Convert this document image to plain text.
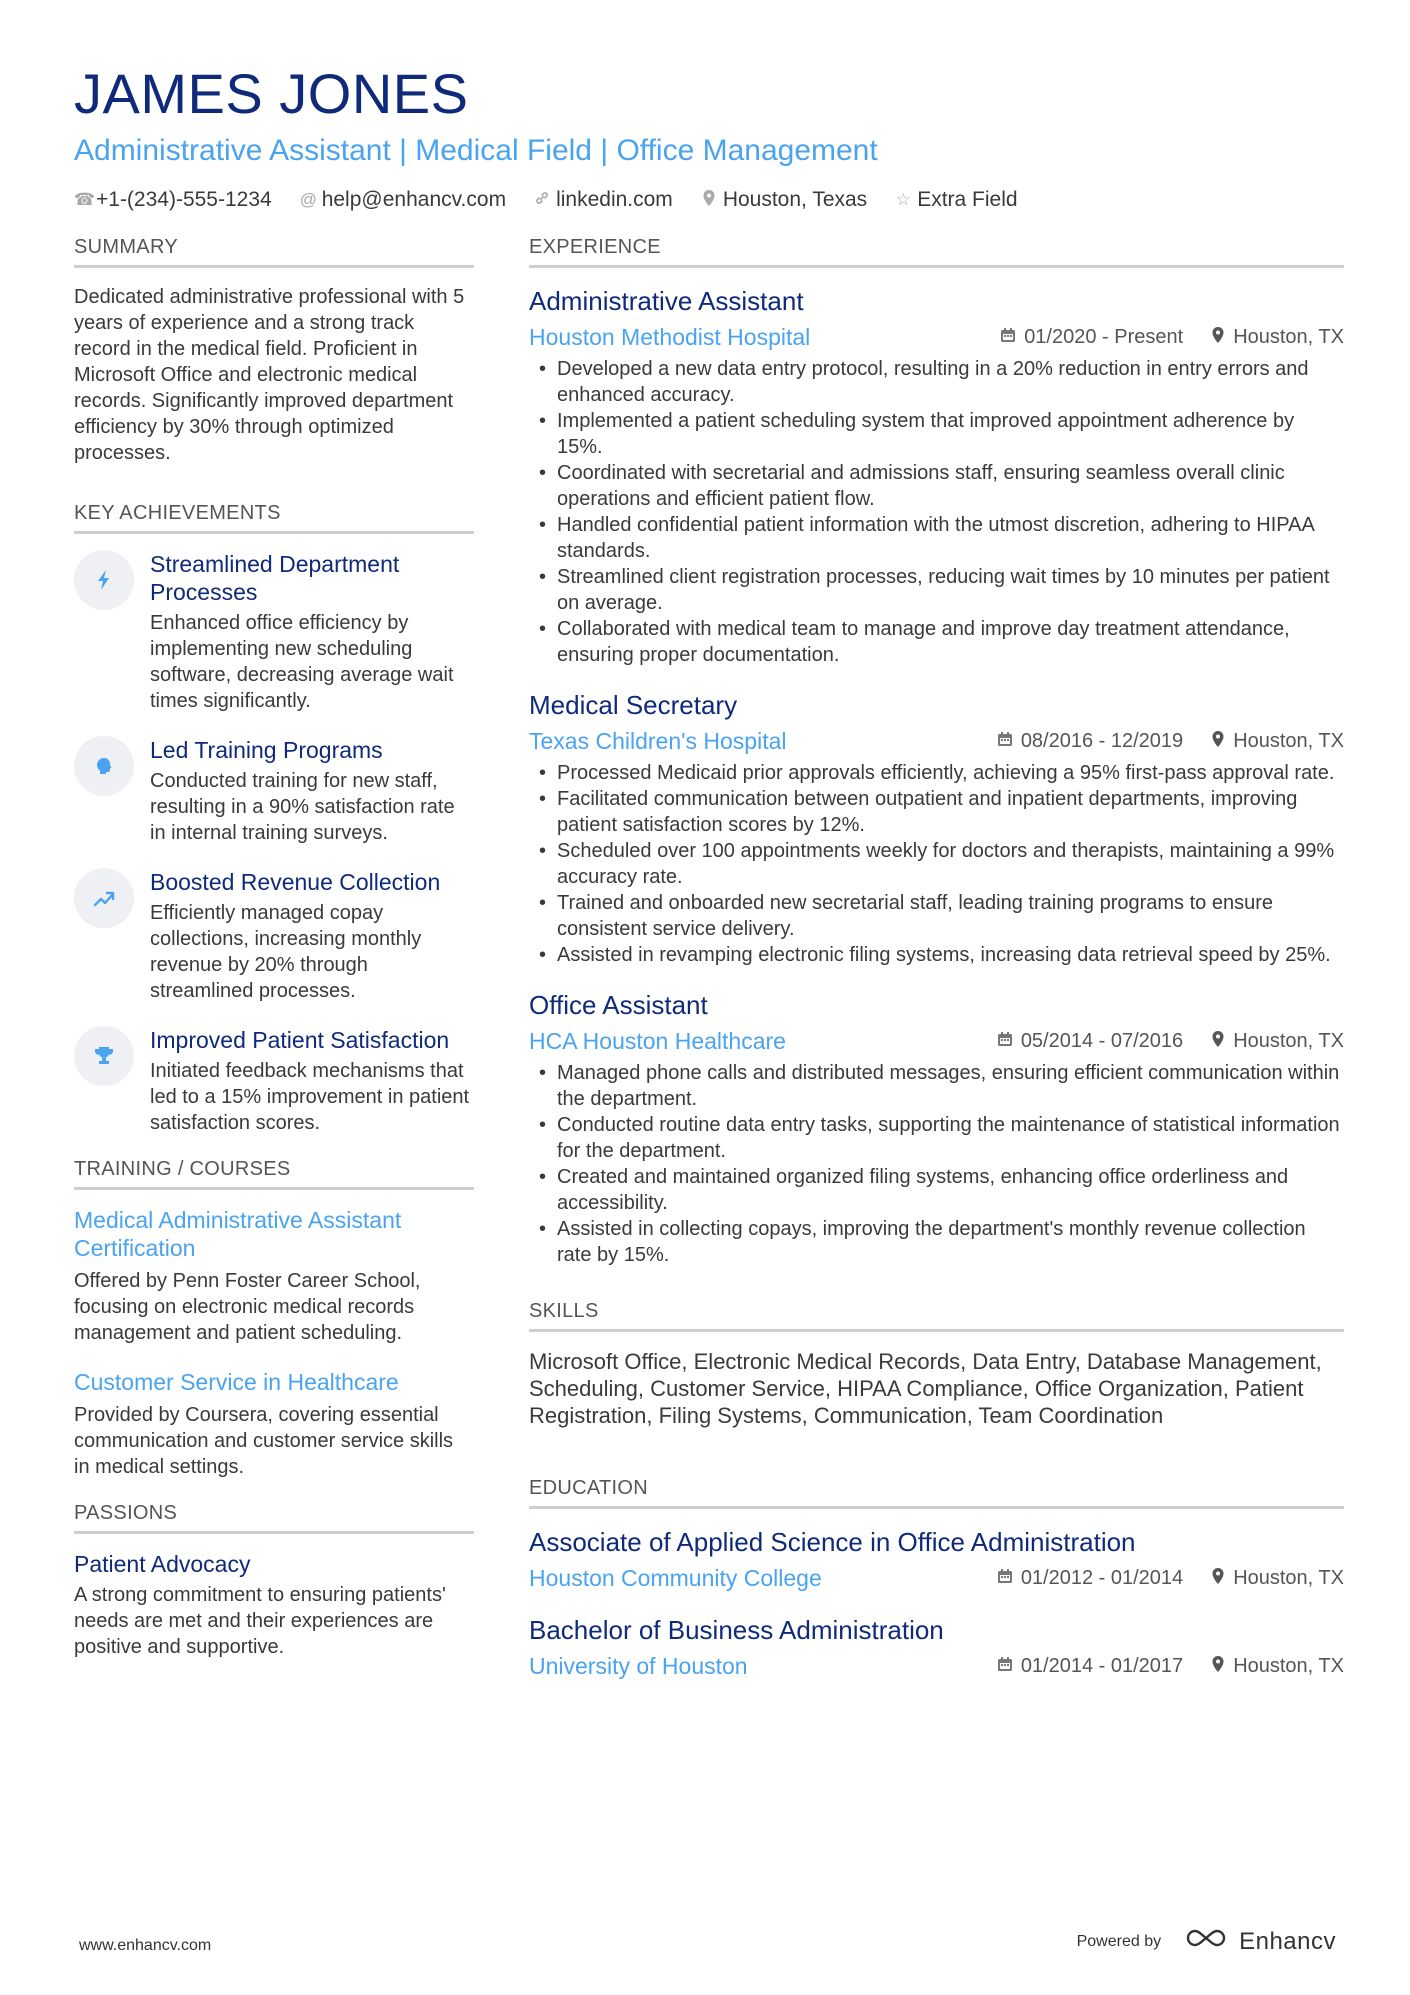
JAMES JONES
Administrative Assistant | Medical Field | Office Management
☎ +1-(234)-555-1234 @ help@enhancv.com linkedin.com Houston, Texas ☆ Extra Field
SUMMARY

Dedicated administrative professional with 5 years of experience and a strong track record in the medical field. Proficient in Microsoft Office and electronic medical records. Significantly improved department efficiency by 30% through optimized processes.

KEY ACHIEVEMENTS
Streamlined Department Processes
Enhanced office efficiency by implementing new scheduling software, decreasing average wait times significantly.
Led Training Programs
Conducted training for new staff, resulting in a 90% satisfaction rate in internal training surveys.
Boosted Revenue Collection
Efficiently managed copay collections, increasing monthly revenue by 20% through streamlined processes.
Improved Patient Satisfaction
Initiated feedback mechanisms that led to a 15% improvement in patient satisfaction scores.
TRAINING / COURSES
Medical Administrative Assistant Certification
Offered by Penn Foster Career School, focusing on electronic medical records management and patient scheduling.
Customer Service in Healthcare
Provided by Coursera, covering essential communication and customer service skills in medical settings.
PASSIONS
Patient Advocacy
A strong commitment to ensuring patients' needs are met and their experiences are positive and supportive.
EXPERIENCE
Administrative Assistant
Houston Methodist Hospital	01/2020 - Present	Houston, TX
• Developed a new data entry protocol, resulting in a 20% reduction in entry errors and enhanced accuracy.
• Implemented a patient scheduling system that improved appointment adherence by 15%.
• Coordinated with secretarial and admissions staff, ensuring seamless overall clinic operations and efficient patient flow.
• Handled confidential patient information with the utmost discretion, adhering to HIPAA standards.
• Streamlined client registration processes, reducing wait times by 10 minutes per patient on average.
• Collaborated with medical team to manage and improve day treatment attendance, ensuring proper documentation.
Medical Secretary
Texas Children's Hospital	08/2016 - 12/2019	Houston, TX
• Processed Medicaid prior approvals efficiently, achieving a 95% first-pass approval rate.
• Facilitated communication between outpatient and inpatient departments, improving patient satisfaction scores by 12%.
• Scheduled over 100 appointments weekly for doctors and therapists, maintaining a 99% accuracy rate.
• Trained and onboarded new secretarial staff, leading training programs to ensure consistent service delivery.
• Assisted in revamping electronic filing systems, increasing data retrieval speed by 25%.
Office Assistant
HCA Houston Healthcare	05/2014 - 07/2016	Houston, TX
• Managed phone calls and distributed messages, ensuring efficient communication within the department.
• Conducted routine data entry tasks, supporting the maintenance of statistical information for the department.
• Created and maintained organized filing systems, enhancing office orderliness and accessibility.
• Assisted in collecting copays, improving the department's monthly revenue collection rate by 15%.
SKILLS

Microsoft Office, Electronic Medical Records, Data Entry, Database Management, Scheduling, Customer Service, HIPAA Compliance, Office Organization, Patient Registration, Filing Systems, Communication, Team Coordination

EDUCATION
Associate of Applied Science in Office Administration
Houston Community College	01/2012 - 01/2014	Houston, TX
Bachelor of Business Administration
University of Houston	01/2014 - 01/2017	Houston, TX
www.enhancv.com	Powered by	Enhancv
